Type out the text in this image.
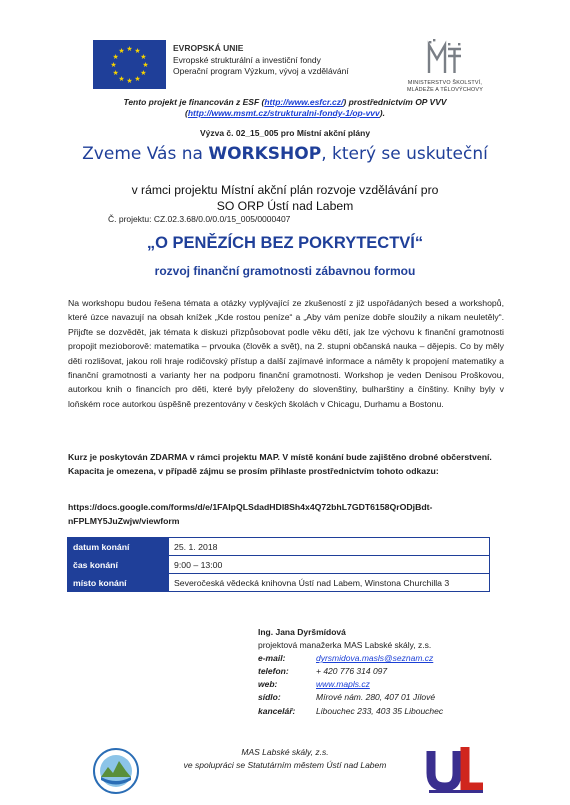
★ ★
★
★
★
★
★
★
★
★
★
★	EVROPSKÁ UNIE
Evropské strukturální a investiční fondy
Operační program Výzkum, vývoj a vzdělávání
MINISTERSTVO ŠKOLSTVÍ,
MLÁDEŽE A TĚLOVÝCHOVY
Tento projekt je financován z ESF (http://www.esfcr.cz/) prostřednictvím OP VVV
(http://www.msmt.cz/strukturalni-fondy-1/op-vvv).
Výzva č. 02_15_005 pro Místní akční plány
Zveme Vás na WORKSHOP, který se uskuteční
v rámci projektu Místní akční plán rozvoje vzdělávání pro
SO ORP Ústí nad Labem
Č. projektu: CZ.02.3.68/0.0/0.0/15_005/0000407
„O PENĚZÍCH BEZ POKRYTECTVÍ“
rozvoj finanční gramotnosti zábavnou formou
Na workshopu budou řešena témata a otázky vyplývající ze zkušeností z již uspořádaných besed a workshopů, které úzce navazují na obsah knížek „Kde rostou peníze“ a „Aby vám peníze dobře sloužily a nikam neuletěly“. Přijďte se dozvědět, jak témata k diskuzi přizpůsobovat podle věku dětí, jak lze výchovu k finanční gramotnosti propojit mezioborově: matematika – prvouka (člověk a svět), na 2. stupni občanská nauka – dějepis. Co by měly děti rozlišovat, jakou roli hraje rodičovský přístup a další zajímavé informace a náměty k propojení matematiky a finanční gramotnosti a varianty her na podporu finanční gramotnosti. Workshop je veden Denisou Proškovou, autorkou knih o financích pro děti, které byly přeloženy do slovenštiny, bulharštiny a čínštiny. Knihy byly v loňském roce autorkou úspěšně prezentovány v českých školách v Chicagu, Durhamu a Bostonu.
Kurz je poskytován ZDARMA v rámci projektu MAP. V místě konání bude zajištěno drobné občerstvení. Kapacita je omezena, v případě zájmu se prosím přihlaste prostřednictvím tohoto odkazu:
https://docs.google.com/forms/d/e/1FAIpQLSdadHDl8Sh4x4Q72bhL7GDT6158QrODjBdt-
nFPLMY5JuZwjw/viewform
datum konání	25. 1. 2018
čas konání	9:00 – 13:00
místo konání	Severočeská vědecká knihovna Ústí nad Labem, Winstona Churchilla 3
Ing. Jana Dyršmídová
projektová manažerka MAS Labské skály, z.s.
e-mail:	dyrsmidova.masls@seznam.cz
telefon:	+ 420 776 314 097
web:	www.mapls.cz
sídlo:	Mírové nám. 280, 407 01 Jílové
kancelář:	Libouchec 233, 403 35 Libouchec
MAS Labské skály, z.s.
ve spolupráci se Statutárním městem Ústí nad Labem
